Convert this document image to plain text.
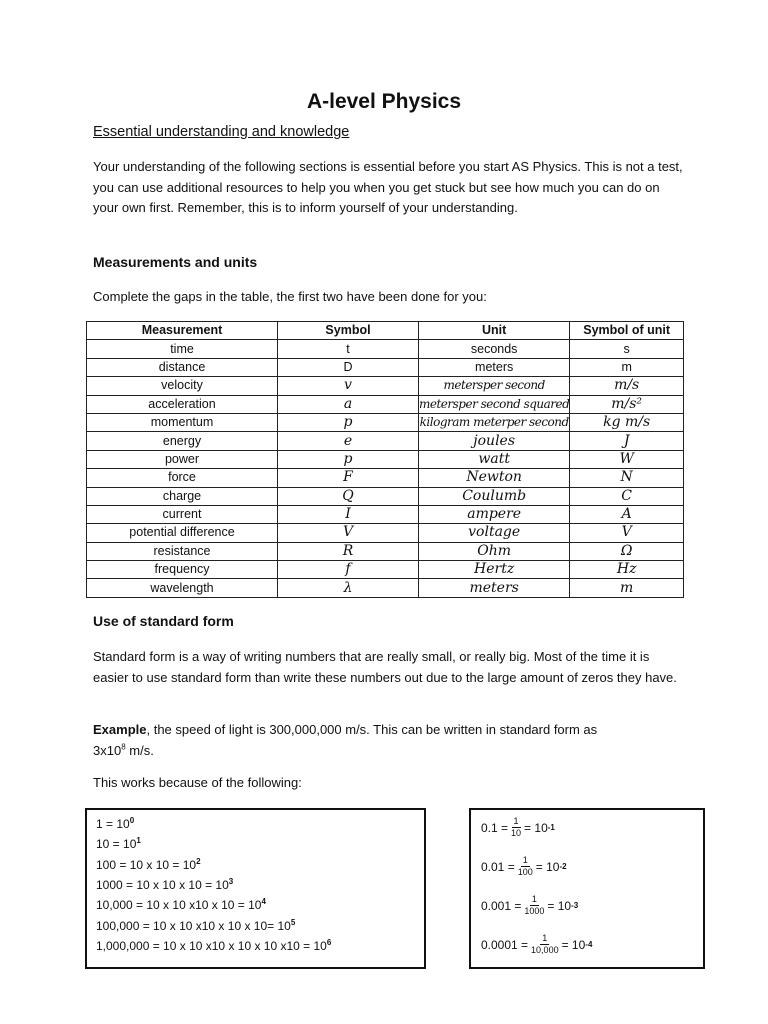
A-level Physics
Essential understanding and knowledge
Your understanding of the following sections is essential before you start AS Physics. This is not a test, you can use additional resources to help you when you get stuck but see how much you can do on your own first. Remember, this is to inform yourself of your understanding.
Measurements and units
Complete the gaps in the table, the first two have been done for you:
Measurement	Symbol	Unit	Symbol of unit
time	t	seconds	s
distance	D	meters	m
velocity	v	metersper second	m/s
acceleration	a	metersper second squared	m/s²
momentum	p	kilogram meterper second	kg m/s
energy	e	joules	J
power	p	watt	W
force	F	Newton	N
charge	Q	Coulumb	C
current	I	ampere	A
potential difference	V	voltage	V
resistance	R	Ohm	Ω
frequency	f	Hertz	Hz
wavelength	λ	meters	m
Use of standard form
Standard form is a way of writing numbers that are really small, or really big. Most of the time it is easier to use standard form than write these numbers out due to the large amount of zeros they have.
Example, the speed of light is 300,000,000 m/s. This can be written in standard form as
$3x10^8$ m/s.
This works because of the following:
$1 = 10^0$
$10 = 10^1$
100 = 10 x $10 = 10^2$
1000 = 10 x 10 x $10 = 10^3$
10,000 = 10 x 10 x10 x $10 = 10^4$
100,000 = 10 x 10 x10 x 10 x $10= 10^5$
1,000,000 = 10 x 10 x10 x 10 x 10 $x10 = 10^6$
$0.1 = \frac{1}{10} = 10$ -1
$0.01 = \frac{1}{100} = 10$ -2
$0.001 = \frac{1}{1000} = 10$ -3
$0.0001 = \frac{1}{10,000} = 10$ -4
